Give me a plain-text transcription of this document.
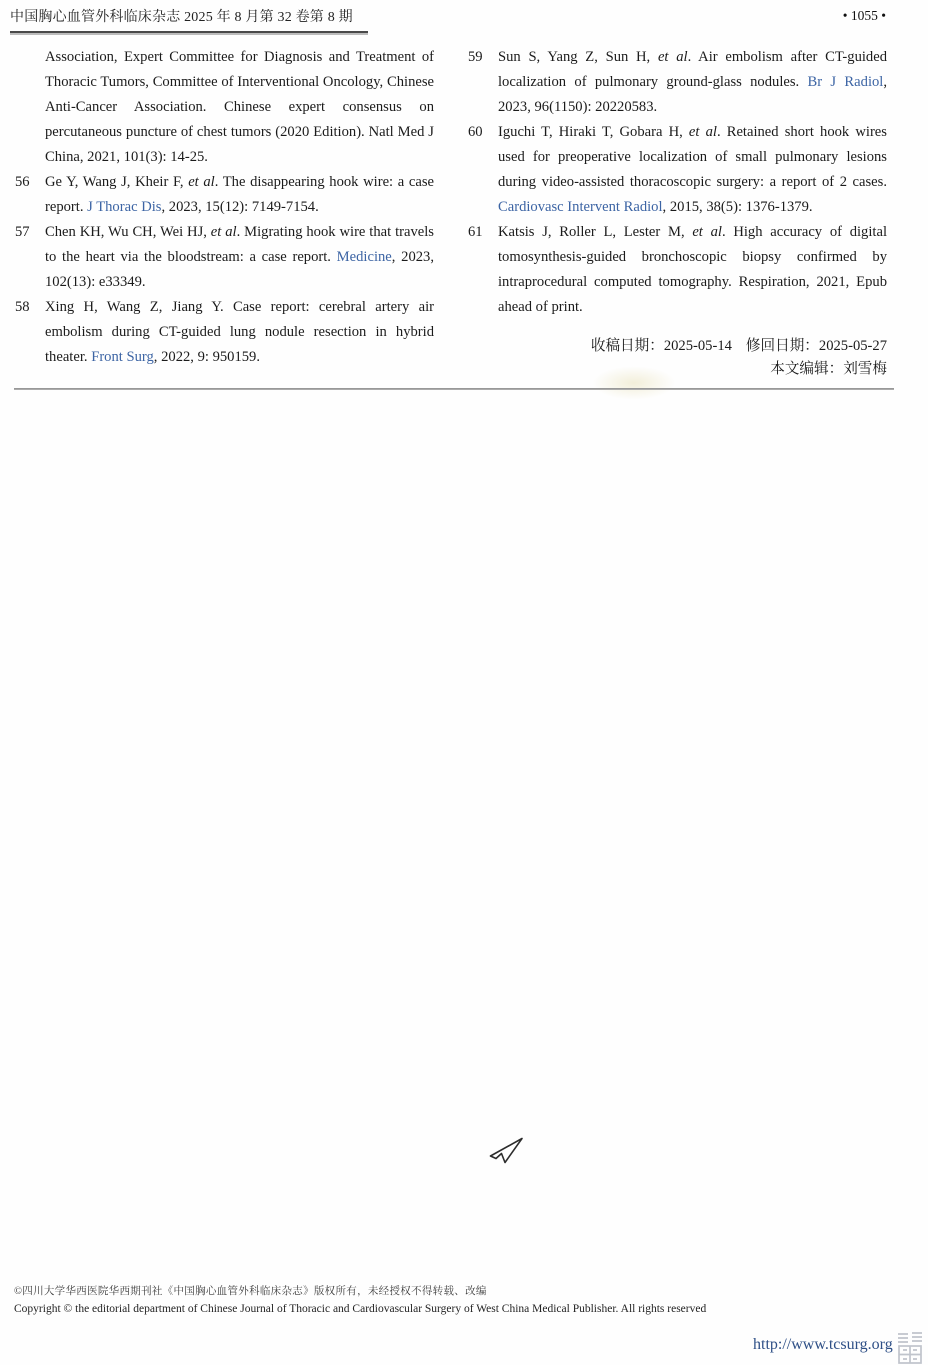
中国胸心血管外科临床杂志 2025 年 8 月第 32 卷第 8 期	• 1055 •
Association, Expert Committee for Diagnosis and Treatment of Thoracic Tumors, Committee of Interventional Oncology, Chinese Anti-Cancer Association. Chinese expert consensus on percutaneous puncture of chest tumors (2020 Edition). Natl Med J China, 2021, 101(3): 14-25.
56 Ge Y, Wang J, Kheir F, et al. The disappearing hook wire: a case report. J Thorac Dis, 2023, 15(12): 7149-7154.
57 Chen KH, Wu CH, Wei HJ, et al. Migrating hook wire that travels to the heart via the bloodstream: a case report. Medicine, 2023, 102(13): e33349.
58 Xing H, Wang Z, Jiang Y. Case report: cerebral artery air embolism during CT-guided lung nodule resection in hybrid theater. Front Surg, 2022, 9: 950159.
59 Sun S, Yang Z, Sun H, et al. Air embolism after CT-guided localization of pulmonary ground-glass nodules. Br J Radiol, 2023, 96(1150): 20220583.
60 Iguchi T, Hiraki T, Gobara H, et al. Retained short hook wires used for preoperative localization of small pulmonary lesions during video-assisted thoracoscopic surgery: a report of 2 cases. Cardiovasc Intervent Radiol, 2015, 38(5): 1376-1379.
61 Katsis J, Roller L, Lester M, et al. High accuracy of digital tomosynthesis-guided bronchoscopic biopsy confirmed by intraprocedural computed tomography. Respiration, 2021, Epub ahead of print.
收稿日期：2025-05-14 修回日期：2025-05-27
本文编辑：刘雪梅
©四川大学华西医院华西期刊社《中国胸心血管外科临床杂志》版权所有，未经授权不得转载、改编
Copyright © the editorial department of Chinese Journal of Thoracic and Cardiovascular Surgery of West China Medical Publisher. All rights reserved
http://www.tcsurg.org
